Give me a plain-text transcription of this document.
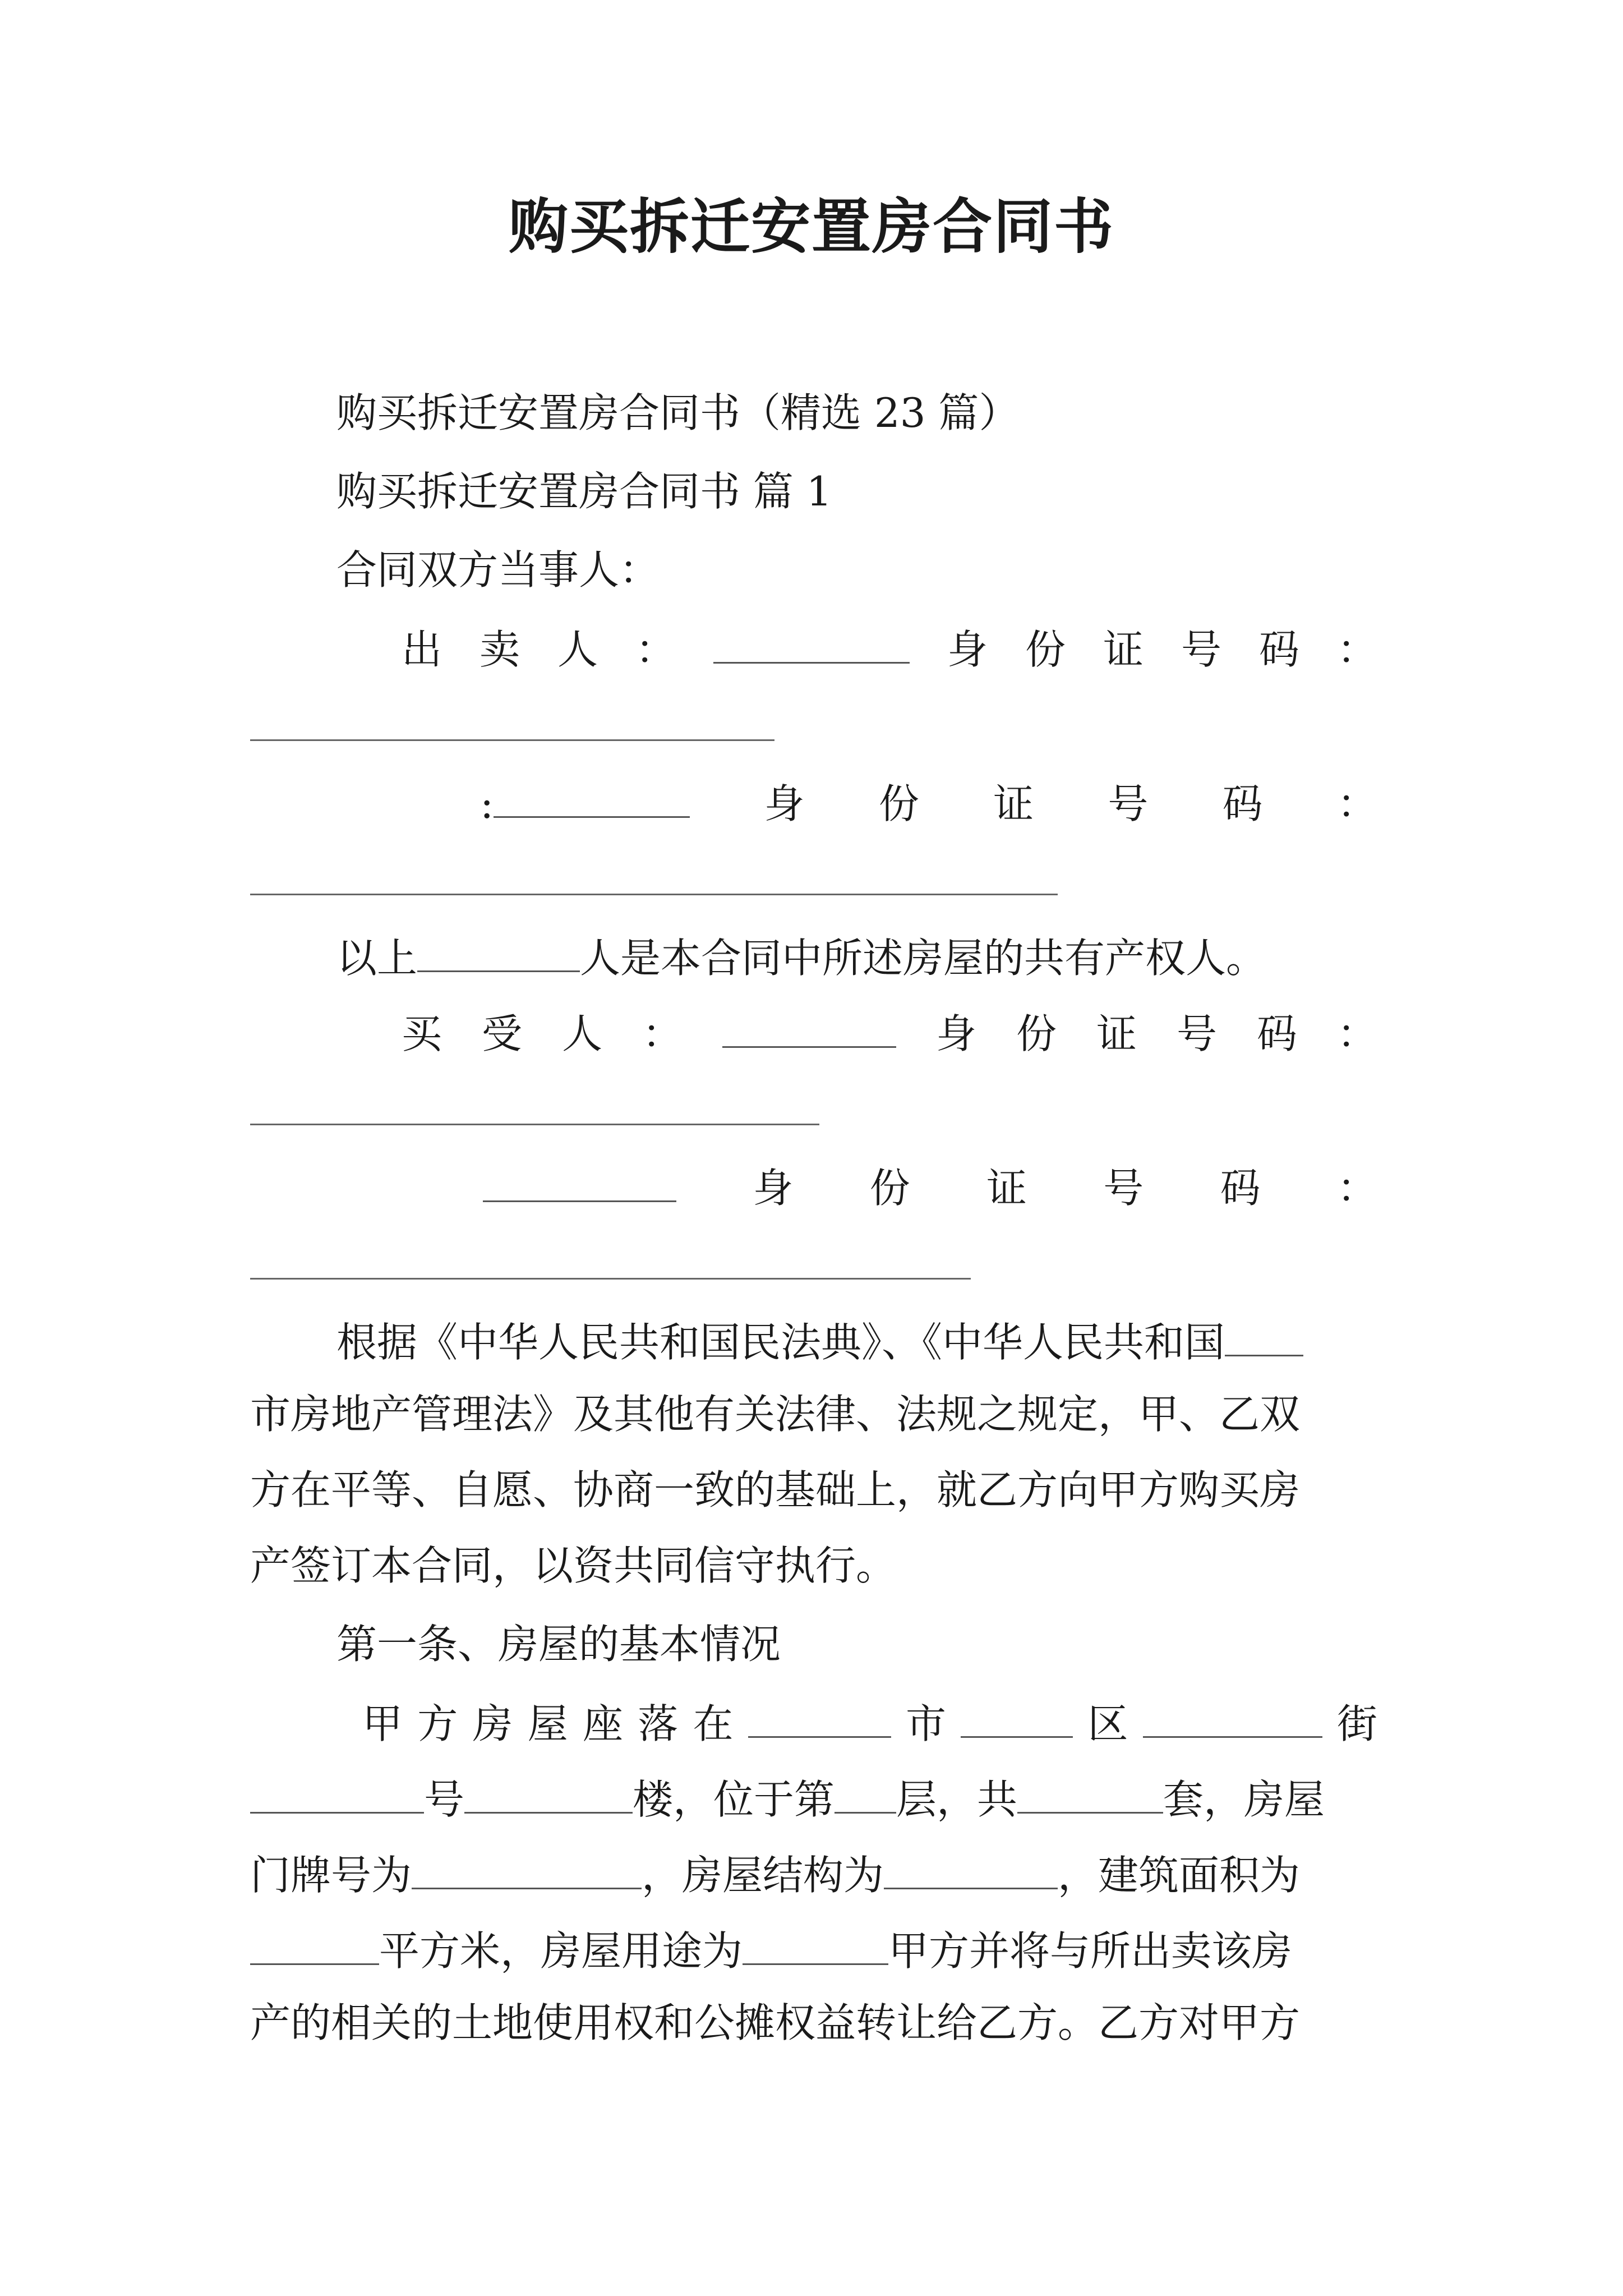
购买拆迁安置房合同书
购买拆迁安置房合同书（精选 23 篇）
购买拆迁安置房合同书 篇 1
合同双方当事人：
出 卖 人 ：	身 份 证 号 码 ：
:	身 份 证 号 码 ：
以上	人是本合同中所述房屋的共有产权人。
买 受 人 ：	身 份 证 号 码 ：
身 份 证 号 码 ：
根据《中华人民共和国民法典》、《中华人民共和国
市房地产管理法》及其他有关法律、法规之规定，甲、乙双
方在平等、自愿、协商一致的基础上，就乙方向甲方购买房
产签订本合同，以资共同信守执行。
第一条、房屋的基本情况
甲 方 房 屋 座 落 在	市	区	街
号	楼，位于第 层，共	套，房屋
门牌号为	，房屋结构为	，建筑面积为
平方米，房屋用途为	甲方并将与所出卖该房
产的相关的土地使用权和公摊权益转让给乙方。乙方对甲方
